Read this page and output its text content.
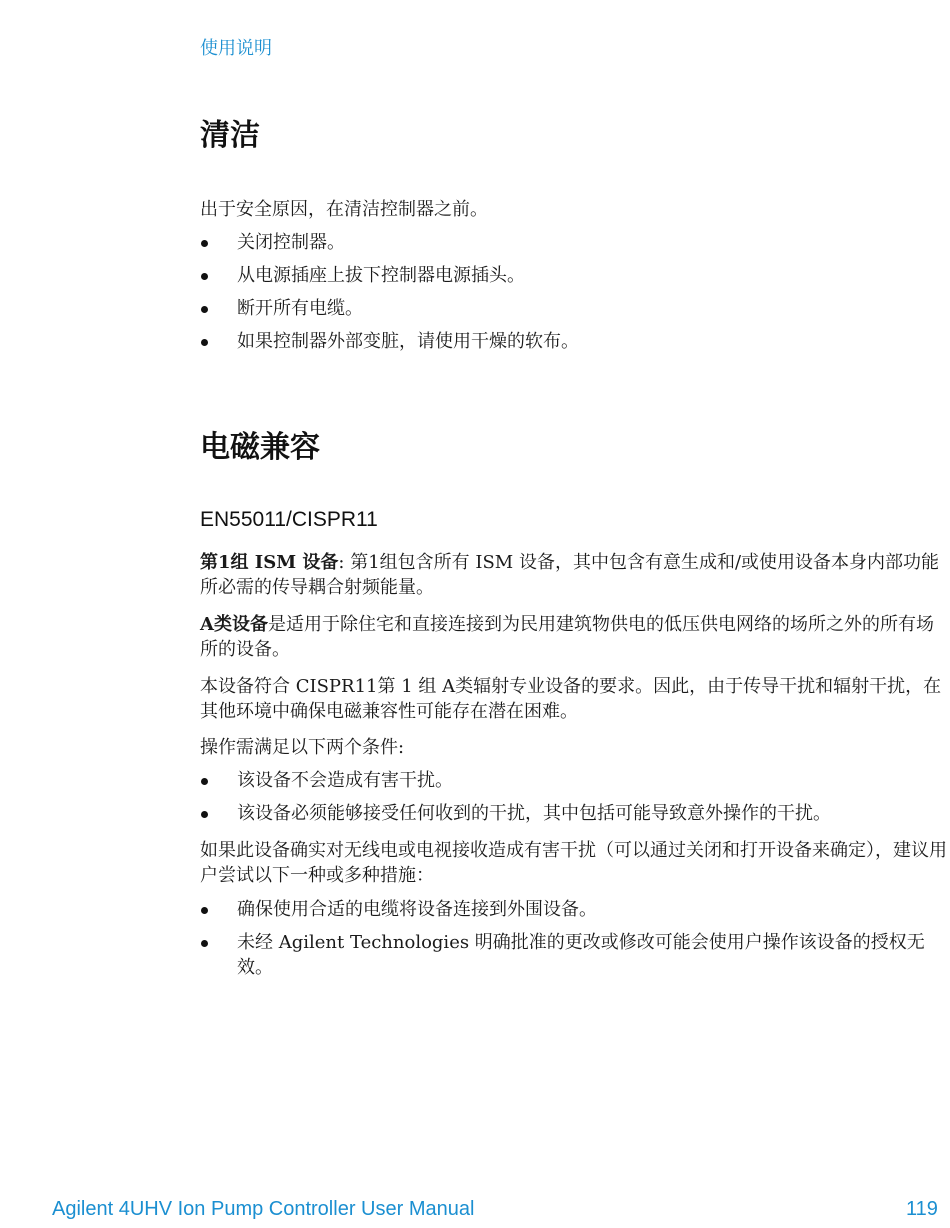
使用说明
清洁
出于安全原因，在清洁控制器之前。
关闭控制器。
从电源插座上拔下控制器电源插头。
断开所有电缆。
如果控制器外部变脏，请使用干燥的软布。
电磁兼容
EN55011/CISPR11
第1组 ISM 设备: 第1组包含所有 ISM 设备，其中包含有意生成和/或使用设备本身内部功能所必需的传导耦合射频能量。
A类设备是适用于除住宅和直接连接到为民用建筑物供电的低压供电网络的场所之外的所有场所的设备。
本设备符合 CISPR11第 1 组 A类辐射专业设备的要求。因此，由于传导干扰和辐射干扰，在其他环境中确保电磁兼容性可能存在潜在困难。
操作需满足以下两个条件:
该设备不会造成有害干扰。
该设备必须能够接受任何收到的干扰，其中包括可能导致意外操作的干扰。
如果此设备确实对无线电或电视接收造成有害干扰（可以通过关闭和打开设备来确定），建议用户尝试以下一种或多种措施：
确保使用合适的电缆将设备连接到外围设备。
未经 Agilent Technologies 明确批准的更改或修改可能会使用户操作该设备的授权无效。
Agilent 4UHV Ion Pump Controller User Manual	119
